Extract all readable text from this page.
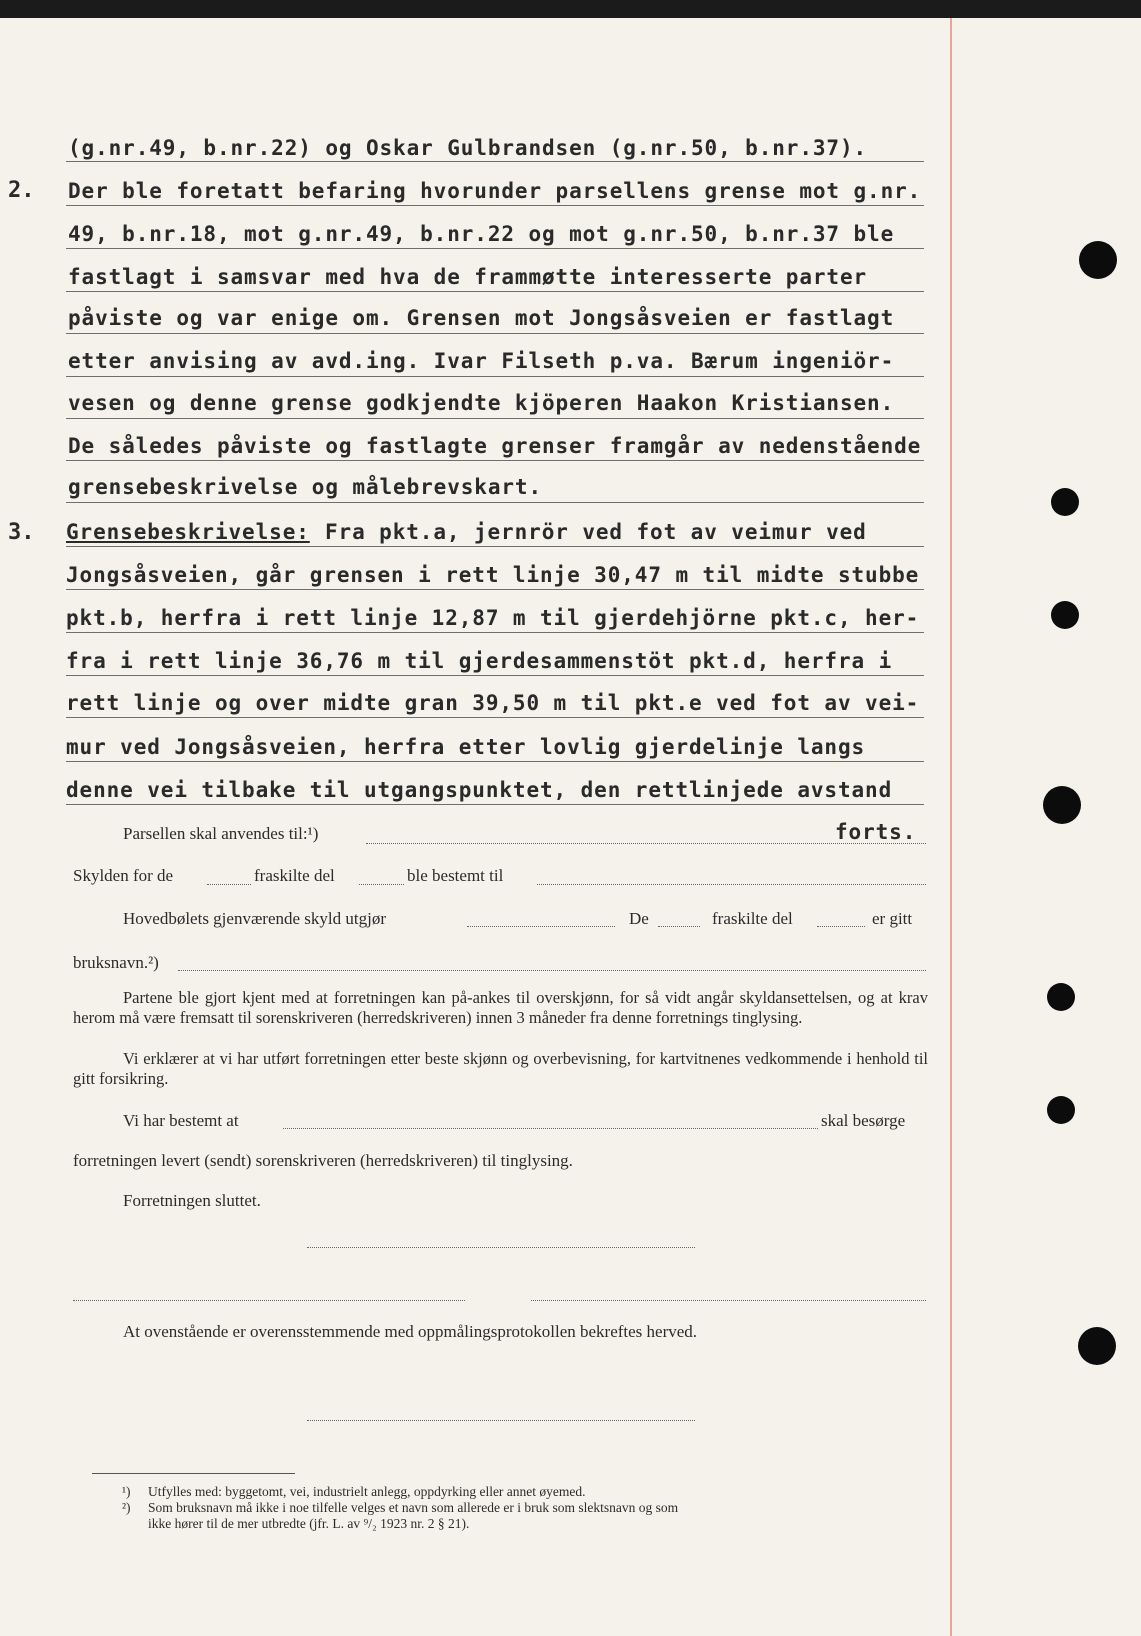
(g.nr.49, b.nr.22) og Oskar Gulbrandsen (g.nr.50, b.nr.37).
2. Der ble foretatt befaring hvorunder parsellens grense mot g.nr.
49, b.nr.18, mot g.nr.49, b.nr.22 og mot g.nr.50, b.nr.37 ble
fastlagt i samsvar med hva de frammøtte interesserte parter
påviste og var enige om. Grensen mot Jongsåsveien er fastlagt
etter anvising av avd.ing. Ivar Filseth p.va. Bærum ingeniör-
vesen og denne grense godkjendte kjöperen Haakon Kristiansen.
De således påviste og fastlagte grenser framgår av nedenstående
grensebeskrivelse og målebrevskart.
3. Grensebeskrivelse: Fra pkt.a, jernrör ved fot av veimur ved
Jongsåsveien, går grensen i rett linje 30,47 m til midte stubbe
pkt.b, herfra i rett linje 12,87 m til gjerdehjörne pkt.c, her-
fra i rett linje 36,76 m til gjerdesammenstöt pkt.d, herfra i
rett linje og over midte gran 39,50 m til pkt.e ved fot av vei-
mur ved Jongsåsveien, herfra etter lovlig gjerdelinje langs
denne vei tilbake til utgangspunktet, den rettlinjede avstand
Parsellen skal anvendes til:¹)	forts.
Skylden for de	fraskilte del	ble bestemt til
Hovedbølets gjenværende skyld utgjør	De	fraskilte del	er gitt
bruksnavn.²)
Partene ble gjort kjent med at forretningen kan på-ankes til overskjønn, for så vidt angår skyldansettelsen, og at krav herom må være fremsatt til sorenskriveren (herredskriveren) innen 3 måneder fra denne forretnings tinglysing.
Vi erklærer at vi har utført forretningen etter beste skjønn og overbevisning, for kartvitnenes vedkommende i henhold til gitt forsikring.
Vi har bestemt at	skal besørge
forretningen levert (sendt) sorenskriveren (herredskriveren) til tinglysing.
Forretningen sluttet.
At ovenstående er overensstemmende med oppmålingsprotokollen bekreftes herved.
¹) Utfylles med: byggetomt, vei, industrielt anlegg, oppdyrking eller annet øyemed.
²) Som bruksnavn må ikke i noe tilfelle velges et navn som allerede er i bruk som slektsnavn og som
ikke hører til de mer utbredte (jfr. L. av ⁹/₂ 1923 nr. 2 § 21).
